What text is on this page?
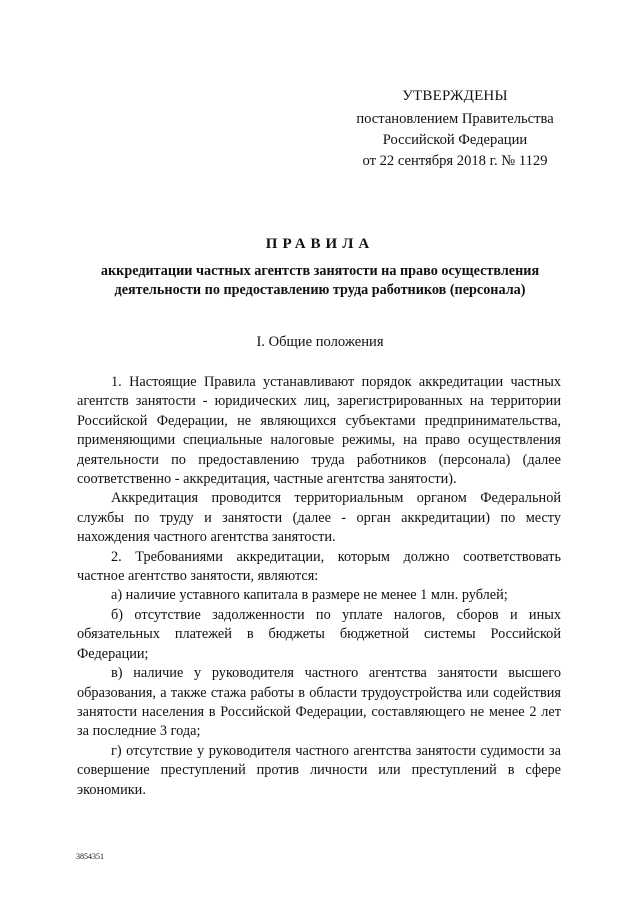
УТВЕРЖДЕНЫ
постановлением Правительства
Российской Федерации
от 22 сентября 2018 г. № 1129
ПРАВИЛА
аккредитации частных агентств занятости на право осуществления
деятельности по предоставлению труда работников (персонала)
I. Общие положения

1. Настоящие Правила устанавливают порядок аккредитации частных агентств занятости - юридических лиц, зарегистрированных на территории Российской Федерации, не являющихся субъектами предпринимательства, применяющими специальные налоговые режимы, на право осуществления деятельности по предоставлению труда работников (персонала) (далее соответственно - аккредитация, частные агентства занятости).

Аккредитация проводится территориальным органом Федеральной службы по труду и занятости (далее - орган аккредитации) по месту нахождения частного агентства занятости.

2. Требованиями аккредитации, которым должно соответствовать частное агентство занятости, являются:

а) наличие уставного капитала в размере не менее 1 млн. рублей;

б) отсутствие задолженности по уплате налогов, сборов и иных обязательных платежей в бюджеты бюджетной системы Российской Федерации;

в) наличие у руководителя частного агентства занятости высшего образования, а также стажа работы в области трудоустройства или содействия занятости населения в Российской Федерации, составляющего не менее 2 лет за последние 3 года;

г) отсутствие у руководителя частного агентства занятости судимости за совершение преступлений против личности или преступлений в сфере экономики.

3854351
